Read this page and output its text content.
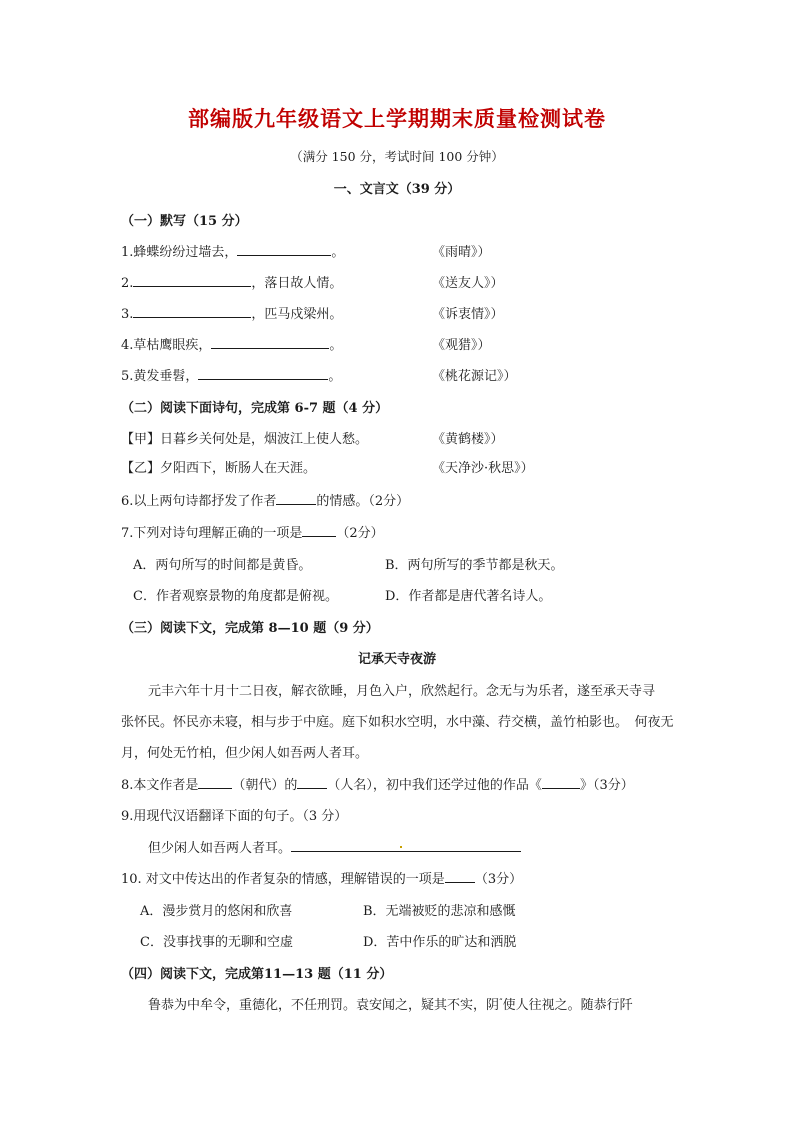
部编版九年级语文上学期期末质量检测试卷
（满分 150 分，考试时间 100 分钟）
一、文言文（39 分）
（一）默写（15 分）
1.蜂蝶纷纷过墙去，	。	《雨晴》）
2.	，落日故人情。	《送友人》）
3.	，匹马戍梁州。	《诉衷情》）
4.草枯鹰眼疾，	。	《观猎》）
5.黄发垂髫，	。	《桃花源记》）
（二）阅读下面诗句，完成第 6-7 题（4 分）
【甲】日暮乡关何处是，烟波江上使人愁。	《黄鹤楼》）
【乙】夕阳西下，断肠人在天涯。	《天净沙·秋思》）
6.以上两句诗都抒发了作者	的情感。（2分）
7.下列对诗句理解正确的一项是	（2分）
A．两句所写的时间都是黄昏。	B．两句所写的季节都是秋天。
C．作者观察景物的角度都是俯视。	D．作者都是唐代著名诗人。
（三）阅读下文，完成第 8—10 题（9 分）
记承天寺夜游
元丰六年十月十二日夜，解衣欲睡，月色入户，欣然起行。念无与为乐者，遂至承天寺寻
张怀民。怀民亦未寝，相与步于中庭。庭下如积水空明，水中藻、荇交横，盖竹柏影也。　何夜无
月，何处无竹柏，但少闲人如吾两人者耳。
8.本文作者是	（朝代）的 （人名），初中我们还学过他的作品《	》（3分）
9.用现代汉语翻译下面的句子。（3 分）
但少闲人如吾两人者耳。
10. 对文中传达出的作者复杂的情感，理解错误的一项是 （3分）
A．漫步赏月的悠闲和欣喜	B．无端被贬的悲凉和感慨
C．没事找事的无聊和空虚	D．苦中作乐的旷达和洒脱
（四）阅读下文，完成第11—13 题（11 分）
鲁恭为中牟令，重德化，不任刑罚。袁安闻之，疑其不实，阴“使人往视之。随恭行阡
